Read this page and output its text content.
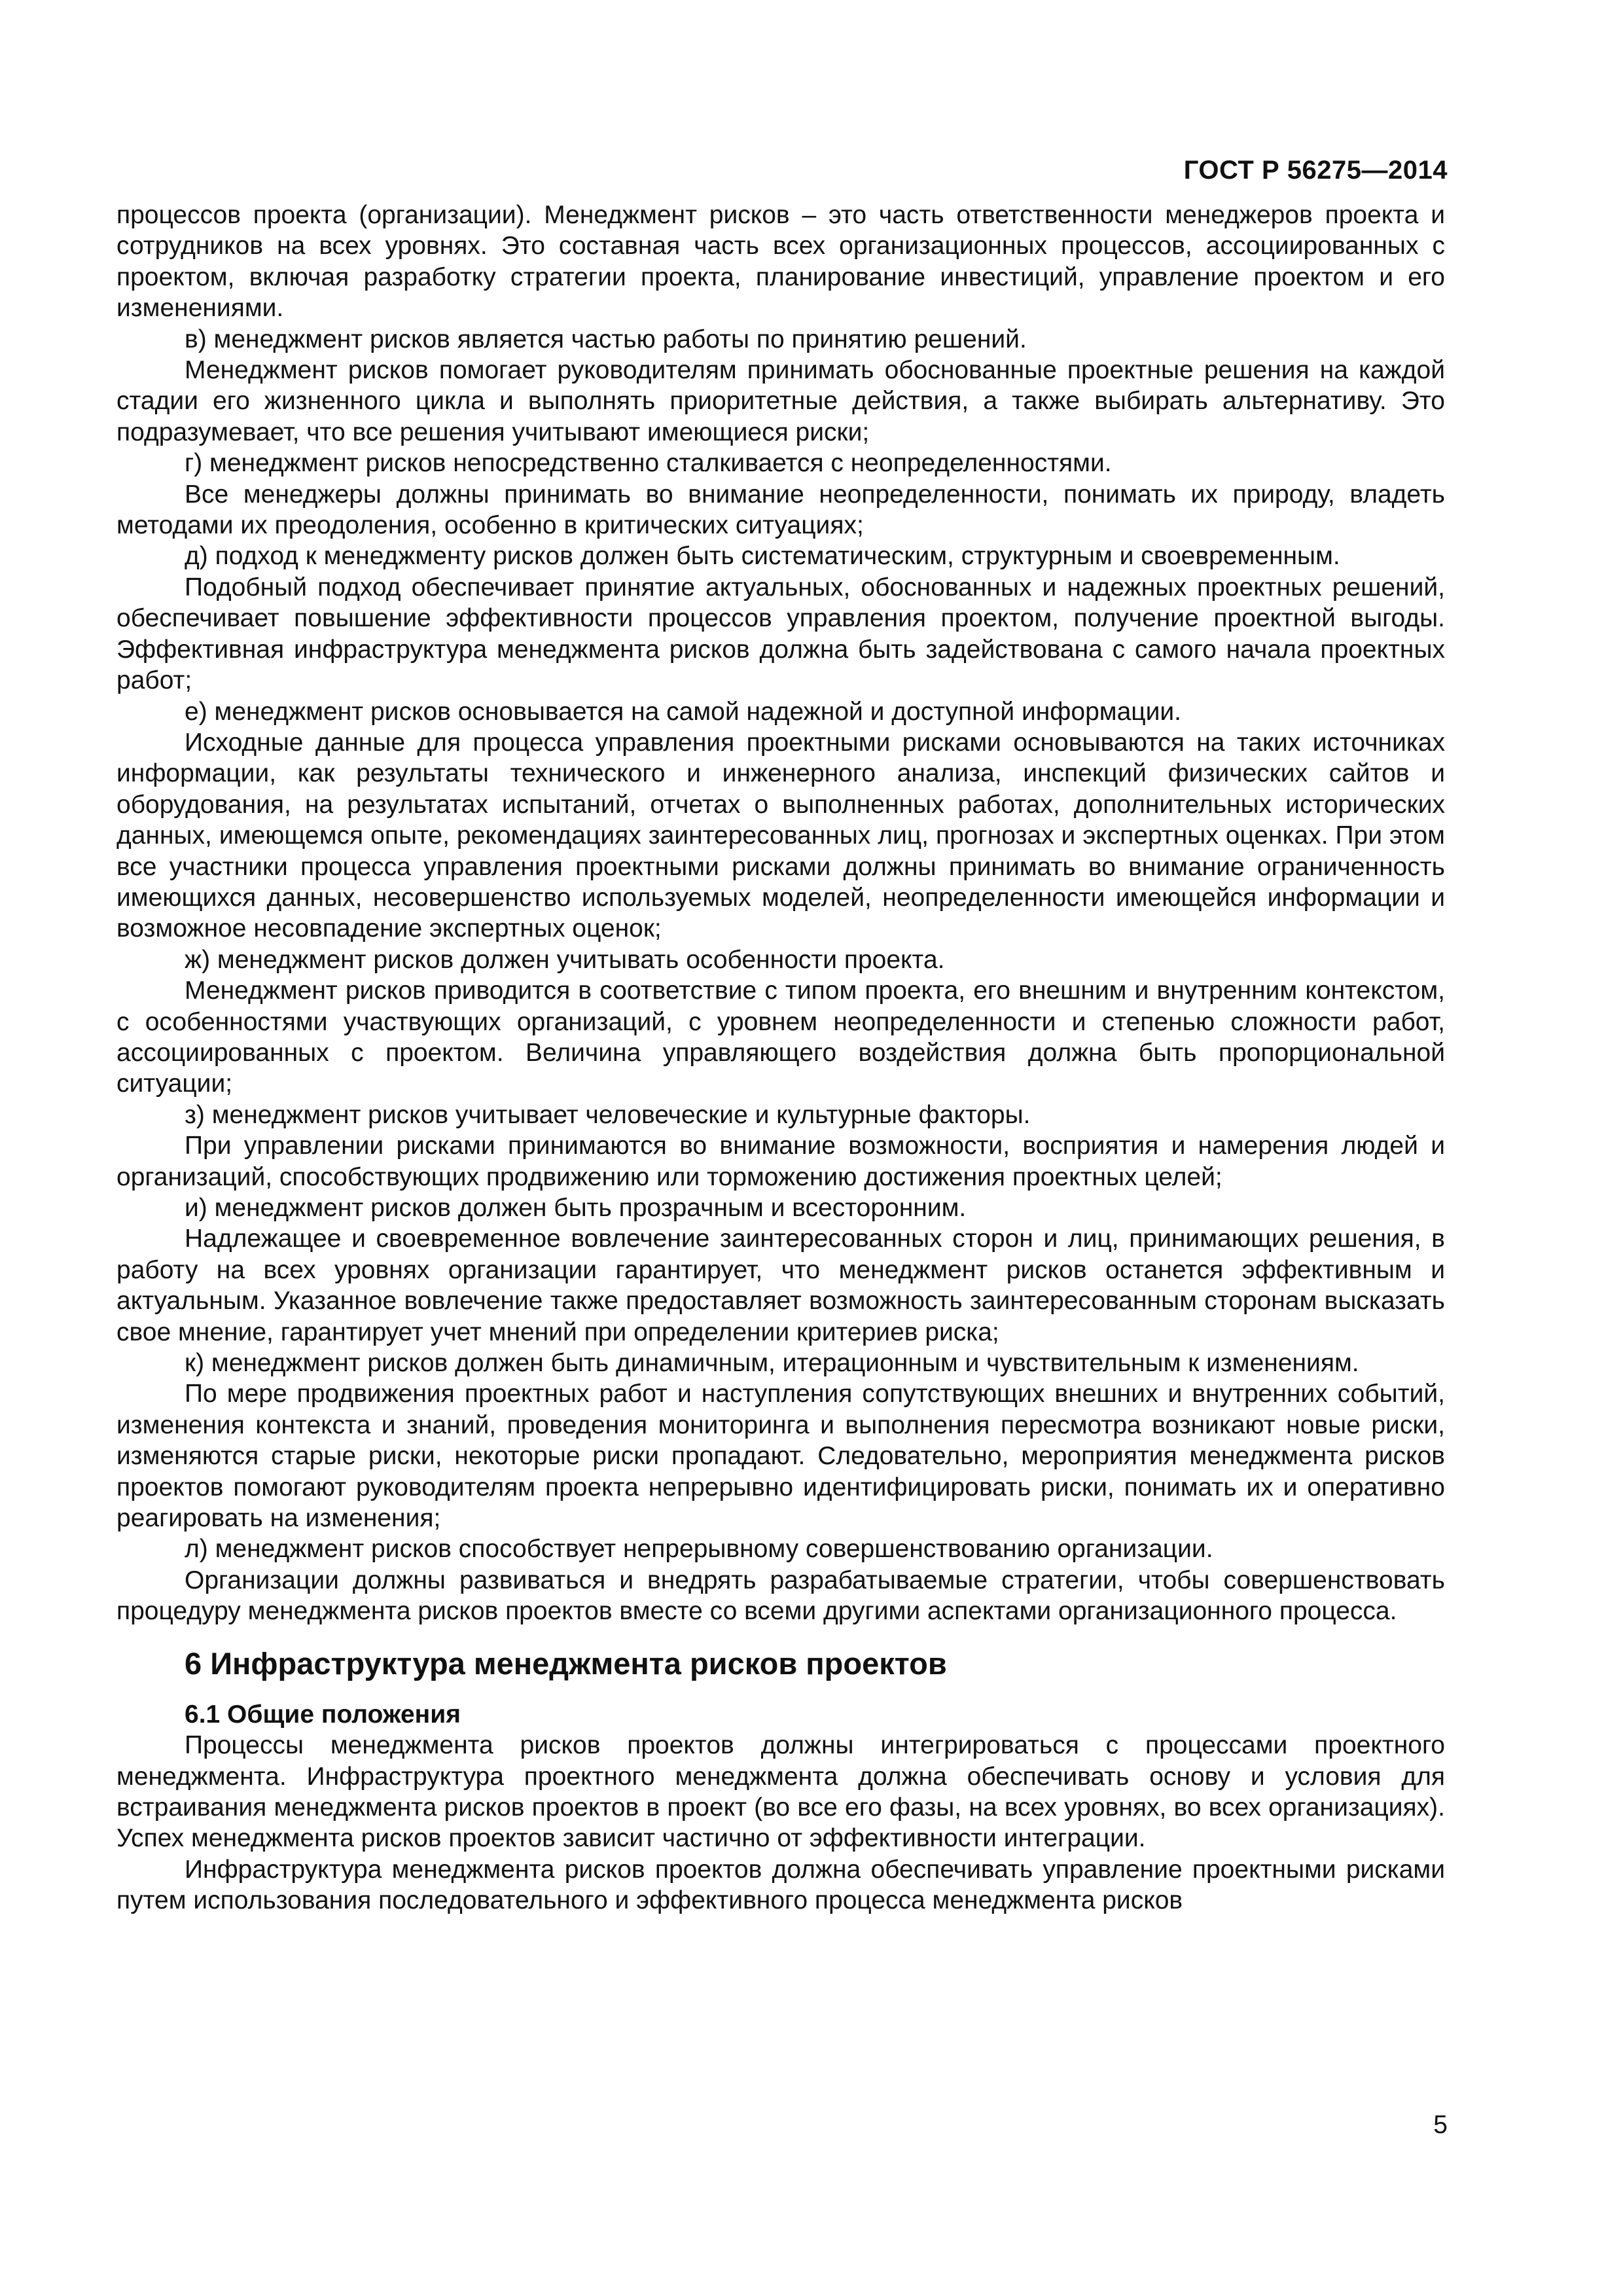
ГОСТ Р 56275—2014

процессов проекта (организации). Менеджмент рисков – это часть ответственности менеджеров проекта и сотрудников на всех уровнях. Это составная часть всех организационных процессов, ассоциированных с проектом, включая разработку стратегии проекта, планирование инвестиций, управление проектом и его изменениями.

в) менеджмент рисков является частью работы по принятию решений.

Менеджмент рисков помогает руководителям принимать обоснованные проектные решения на каждой стадии его жизненного цикла и выполнять приоритетные действия, а также выбирать альтернативу. Это подразумевает, что все решения учитывают имеющиеся риски;

г) менеджмент рисков непосредственно сталкивается с неопределенностями.

Все менеджеры должны принимать во внимание неопределенности, понимать их природу, владеть методами их преодоления, особенно в критических ситуациях;

д) подход к менеджменту рисков должен быть систематическим, структурным и своевременным.

Подобный подход обеспечивает принятие актуальных, обоснованных и надежных проектных решений, обеспечивает повышение эффективности процессов управления проектом, получение проектной выгоды. Эффективная инфраструктура менеджмента рисков должна быть задействована с самого начала проектных работ;

е) менеджмент рисков основывается на самой надежной и доступной информации.

Исходные данные для процесса управления проектными рисками основываются на таких источниках информации, как результаты технического и инженерного анализа, инспекций физических сайтов и оборудования, на результатах испытаний, отчетах о выполненных работах, дополнительных исторических данных, имеющемся опыте, рекомендациях заинтересованных лиц, прогнозах и экспертных оценках. При этом все участники процесса управления проектными рисками должны принимать во внимание ограниченность имеющихся данных, несовершенство используемых моделей, неопределенности имеющейся информации и возможное несовпадение экспертных оценок;

ж) менеджмент рисков должен учитывать особенности проекта.

Менеджмент рисков приводится в соответствие с типом проекта, его внешним и внутренним контекстом, с особенностями участвующих организаций, с уровнем неопределенности и степенью сложности работ, ассоциированных с проектом. Величина управляющего воздействия должна быть пропорциональной ситуации;

з) менеджмент рисков учитывает человеческие и культурные факторы.

При управлении рисками принимаются во внимание возможности, восприятия и намерения людей и организаций, способствующих продвижению или торможению достижения проектных целей;

и) менеджмент рисков должен быть прозрачным и всесторонним.

Надлежащее и своевременное вовлечение заинтересованных сторон и лиц, принимающих решения, в работу на всех уровнях организации гарантирует, что менеджмент рисков останется эффективным и актуальным. Указанное вовлечение также предоставляет возможность заинтересованным сторонам высказать свое мнение, гарантирует учет мнений при определении критериев риска;

к) менеджмент рисков должен быть динамичным, итерационным и чувствительным к изменениям.

По мере продвижения проектных работ и наступления сопутствующих внешних и внутренних событий, изменения контекста и знаний, проведения мониторинга и выполнения пересмотра возникают новые риски, изменяются старые риски, некоторые риски пропадают. Следовательно, мероприятия менеджмента рисков проектов помогают руководителям проекта непрерывно идентифицировать риски, понимать их и оперативно реагировать на изменения;

л) менеджмент рисков способствует непрерывному совершенствованию организации.

Организации должны развиваться и внедрять разрабатываемые стратегии, чтобы совершенствовать процедуру менеджмента рисков проектов вместе со всеми другими аспектами организационного процесса.

6 Инфраструктура менеджмента рисков проектов
6.1 Общие положения

Процессы менеджмента рисков проектов должны интегрироваться с процессами проектного менеджмента. Инфраструктура проектного менеджмента должна обеспечивать основу и условия для встраивания менеджмента рисков проектов в проект (во все его фазы, на всех уровнях, во всех организациях). Успех менеджмента рисков проектов зависит частично от эффективности интеграции.

Инфраструктура менеджмента рисков проектов должна обеспечивать управление проектными рисками путем использования последовательного и эффективного процесса менеджмента рисков

5
